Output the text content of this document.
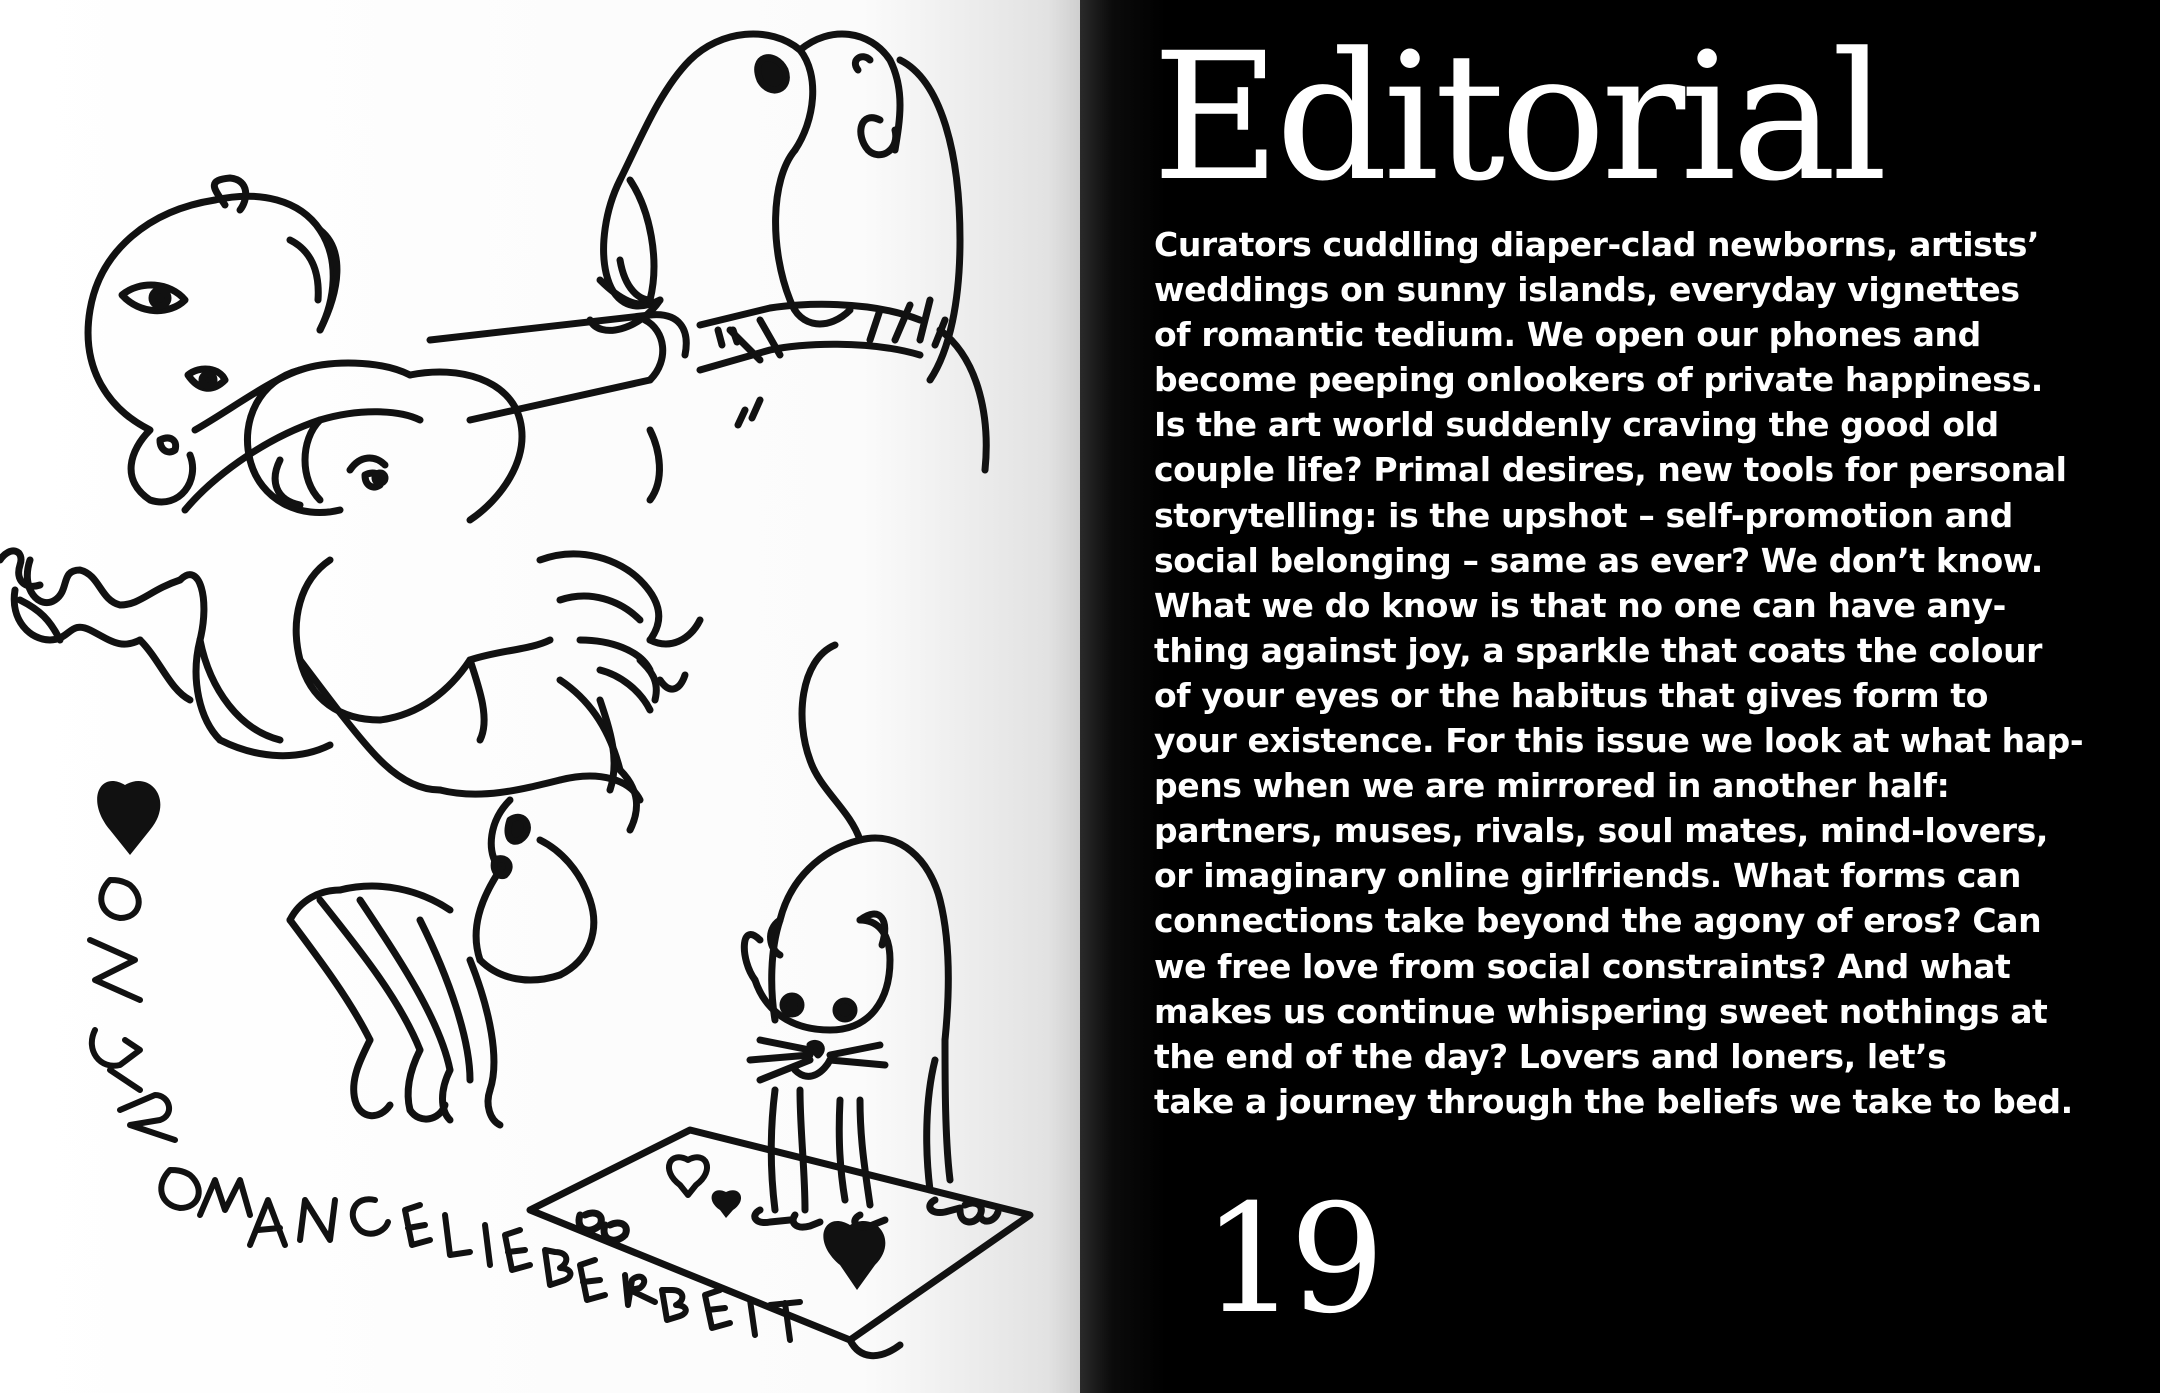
Editorial

Curators cuddling diaper-clad newborns, artists’
weddings on sunny islands, everyday vignettes
of romantic tedium. We open our phones and
become peeping onlookers of private happiness.
Is the art world suddenly craving the good old
couple life? Primal desires, new tools for personal
storytelling: is the upshot – self-promotion and
social belonging – same as ever? We don’t know.
What we do know is that no one can have any-
thing against joy, a sparkle that coats the colour
of your eyes or the habitus that gives form to
your existence. For this issue we look at what hap-
pens when we are mirrored in another half:
partners, muses, rivals, soul mates, mind-lovers,
or imaginary online girlfriends. What forms can
connections take beyond the agony of eros? Can
we free love from social constraints? And what
makes us continue whispering sweet nothings at
the end of the day? Lovers and loners, let’s
take a journey through the beliefs we take to bed.

19
